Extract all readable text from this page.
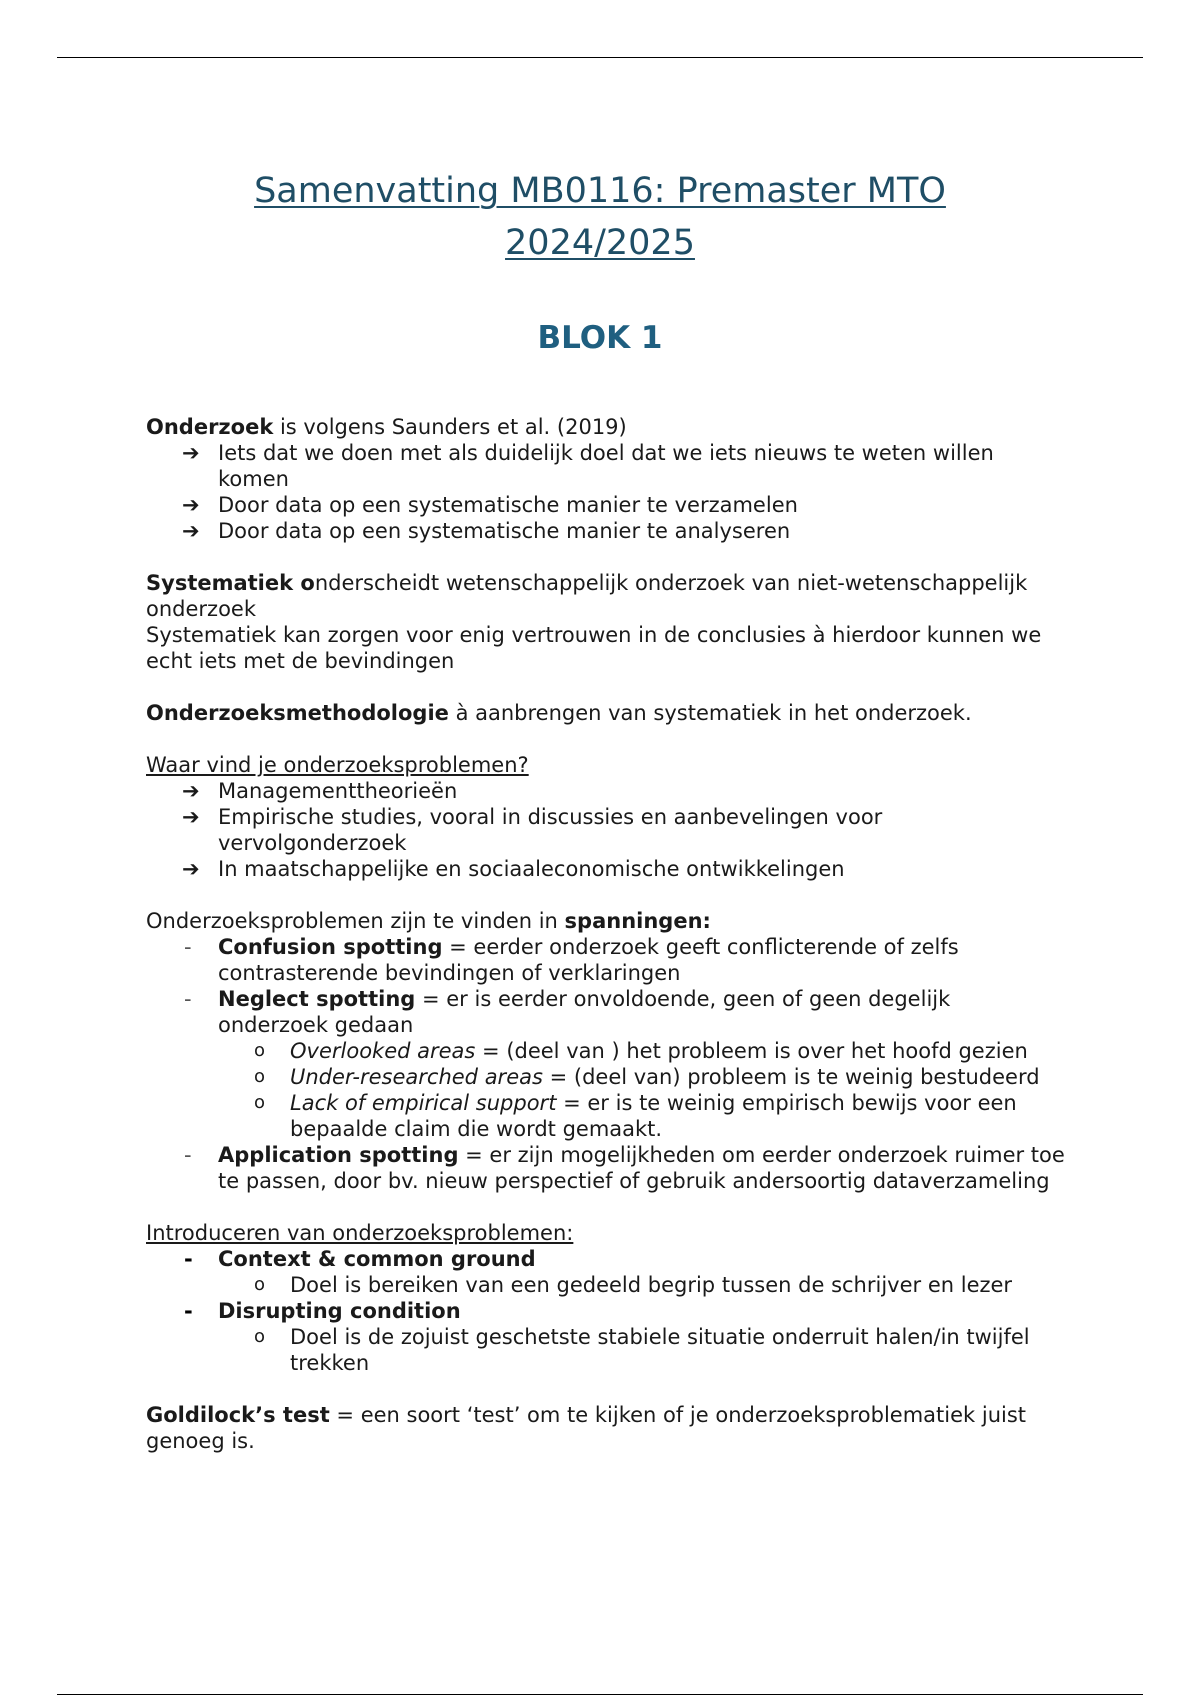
Samenvatting MB0116: Premaster MTO
2024/2025
BLOK 1

Onderzoek is volgens Saunders et al. (2019)

➔ Iets dat we doen met als duidelijk doel dat we iets nieuws te weten willen komen
➔ Door data op een systematische manier te verzamelen
➔ Door data op een systematische manier te analyseren

Systematiek onderscheidt wetenschappelijk onderzoek van niet-wetenschappelijk onderzoek

Systematiek kan zorgen voor enig vertrouwen in de conclusies à hierdoor kunnen we echt iets met de bevindingen

Onderzoeksmethodologie à aanbrengen van systematiek in het onderzoek.

Waar vind je onderzoeksproblemen?

➔ Managementtheorieën
➔ Empirische studies, vooral in discussies en aanbevelingen voor vervolgonderzoek
➔ In maatschappelijke en sociaaleconomische ontwikkelingen

Onderzoeksproblemen zijn te vinden in spanningen:

-	Confusion spotting = eerder onderzoek geeft conflicterende of zelfs contrasterende bevindingen of verklaringen
-	Neglect spotting = er is eerder onvoldoende, geen of geen degelijk onderzoek gedaan
o Overlooked areas = (deel van ) het probleem is over het hoofd gezien
o Under-researched areas = (deel van) probleem is te weinig bestudeerd
o Lack of empirical support = er is te weinig empirisch bewijs voor een bepaalde claim die wordt gemaakt.
-	Application spotting = er zijn mogelijkheden om eerder onderzoek ruimer toe te passen, door bv. nieuw perspectief of gebruik andersoortig dataverzameling

Introduceren van onderzoeksproblemen:

-	Context & common ground
o Doel is bereiken van een gedeeld begrip tussen de schrijver en lezer
-	Disrupting condition
o Doel is de zojuist geschetste stabiele situatie onderruit halen/in twijfel trekken

Goldilock’s test = een soort ‘test’ om te kijken of je onderzoeksproblematiek juist genoeg is.
